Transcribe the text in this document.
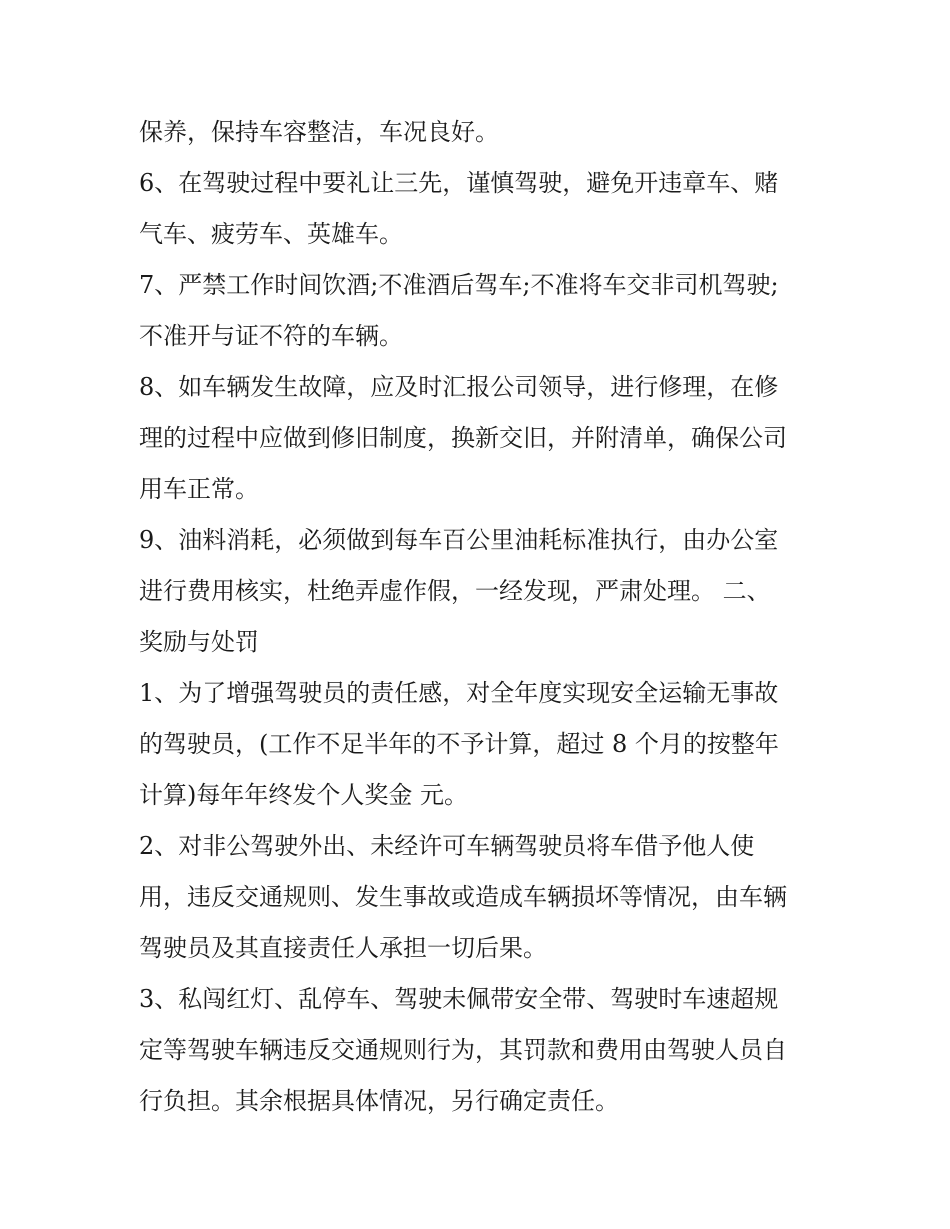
保养，保持车容整洁，车况良好。
6、在驾驶过程中要礼让三先，谨慎驾驶，避免开违章车、赌
气车、疲劳车、英雄车。
7、严禁工作时间饮酒;不准酒后驾车;不准将车交非司机驾驶;
不准开与证不符的车辆。
8、如车辆发生故障，应及时汇报公司领导，进行修理，在修
理的过程中应做到修旧制度，换新交旧，并附清单，确保公司
用车正常。
9、油料消耗，必须做到每车百公里油耗标准执行，由办公室
进行费用核实，杜绝弄虚作假，一经发现，严肃处理。 二、
奖励与处罚
1、为了增强驾驶员的责任感，对全年度实现安全运输无事故
的驾驶员，(工作不足半年的不予计算，超过 8 个月的按整年
计算)每年年终发个人奖金 元。
2、对非公驾驶外出、未经许可车辆驾驶员将车借予他人使
用，违反交通规则、发生事故或造成车辆损坏等情况，由车辆
驾驶员及其直接责任人承担一切后果。
3、私闯红灯、乱停车、驾驶未佩带安全带、驾驶时车速超规
定等驾驶车辆违反交通规则行为，其罚款和费用由驾驶人员自
行负担。其余根据具体情况，另行确定责任。
